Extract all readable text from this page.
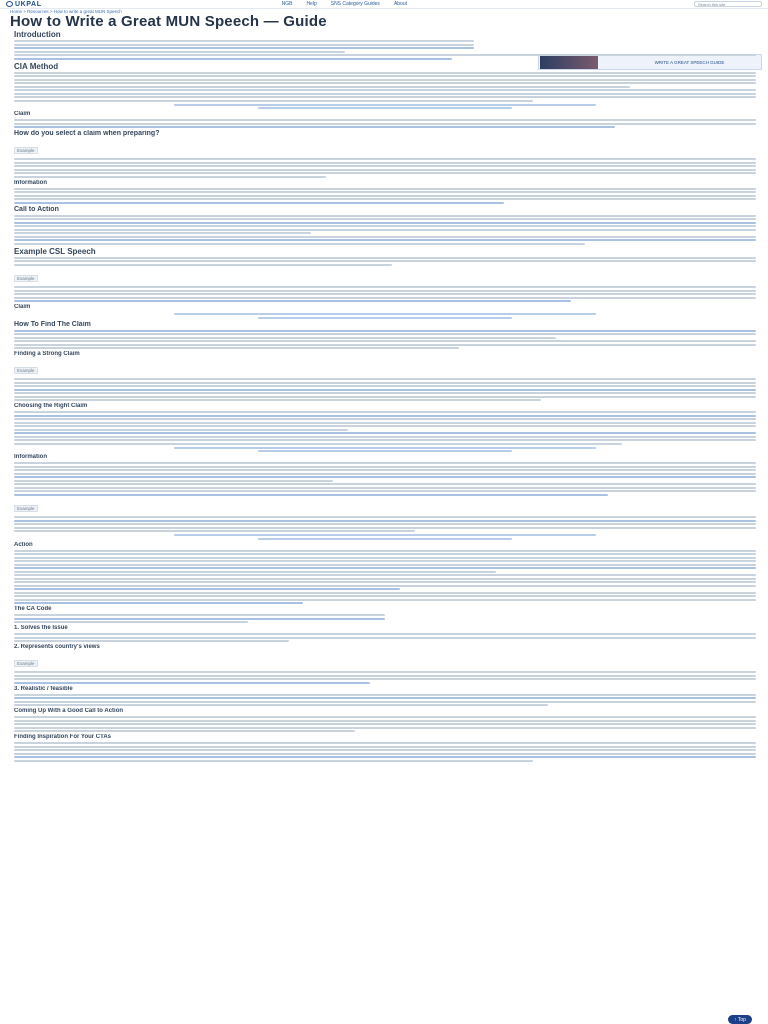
UKPAL	NGB	Help	SNS Category Guides	About	Search this site
Home > Resources > How to write a great MUN Speech
How to Write a Great MUN Speech — Guide
WRITE A GREAT SPEECH GUIDE
Introduction
CIA Method
Claim
How do you select a claim when preparing?
Example
Information
Call to Action
Example CSL Speech
Example
Claim
How To Find The Claim
Finding a Strong Claim
Example
Choosing the Right Claim
Information
Example
Action
The CA Code
1. Solves the Issue
2. Represents country's views
Example
3. Realistic / feasible
Coming Up With a Good Call to Action
Finding Inspiration For Your CTAs
↑ Top
